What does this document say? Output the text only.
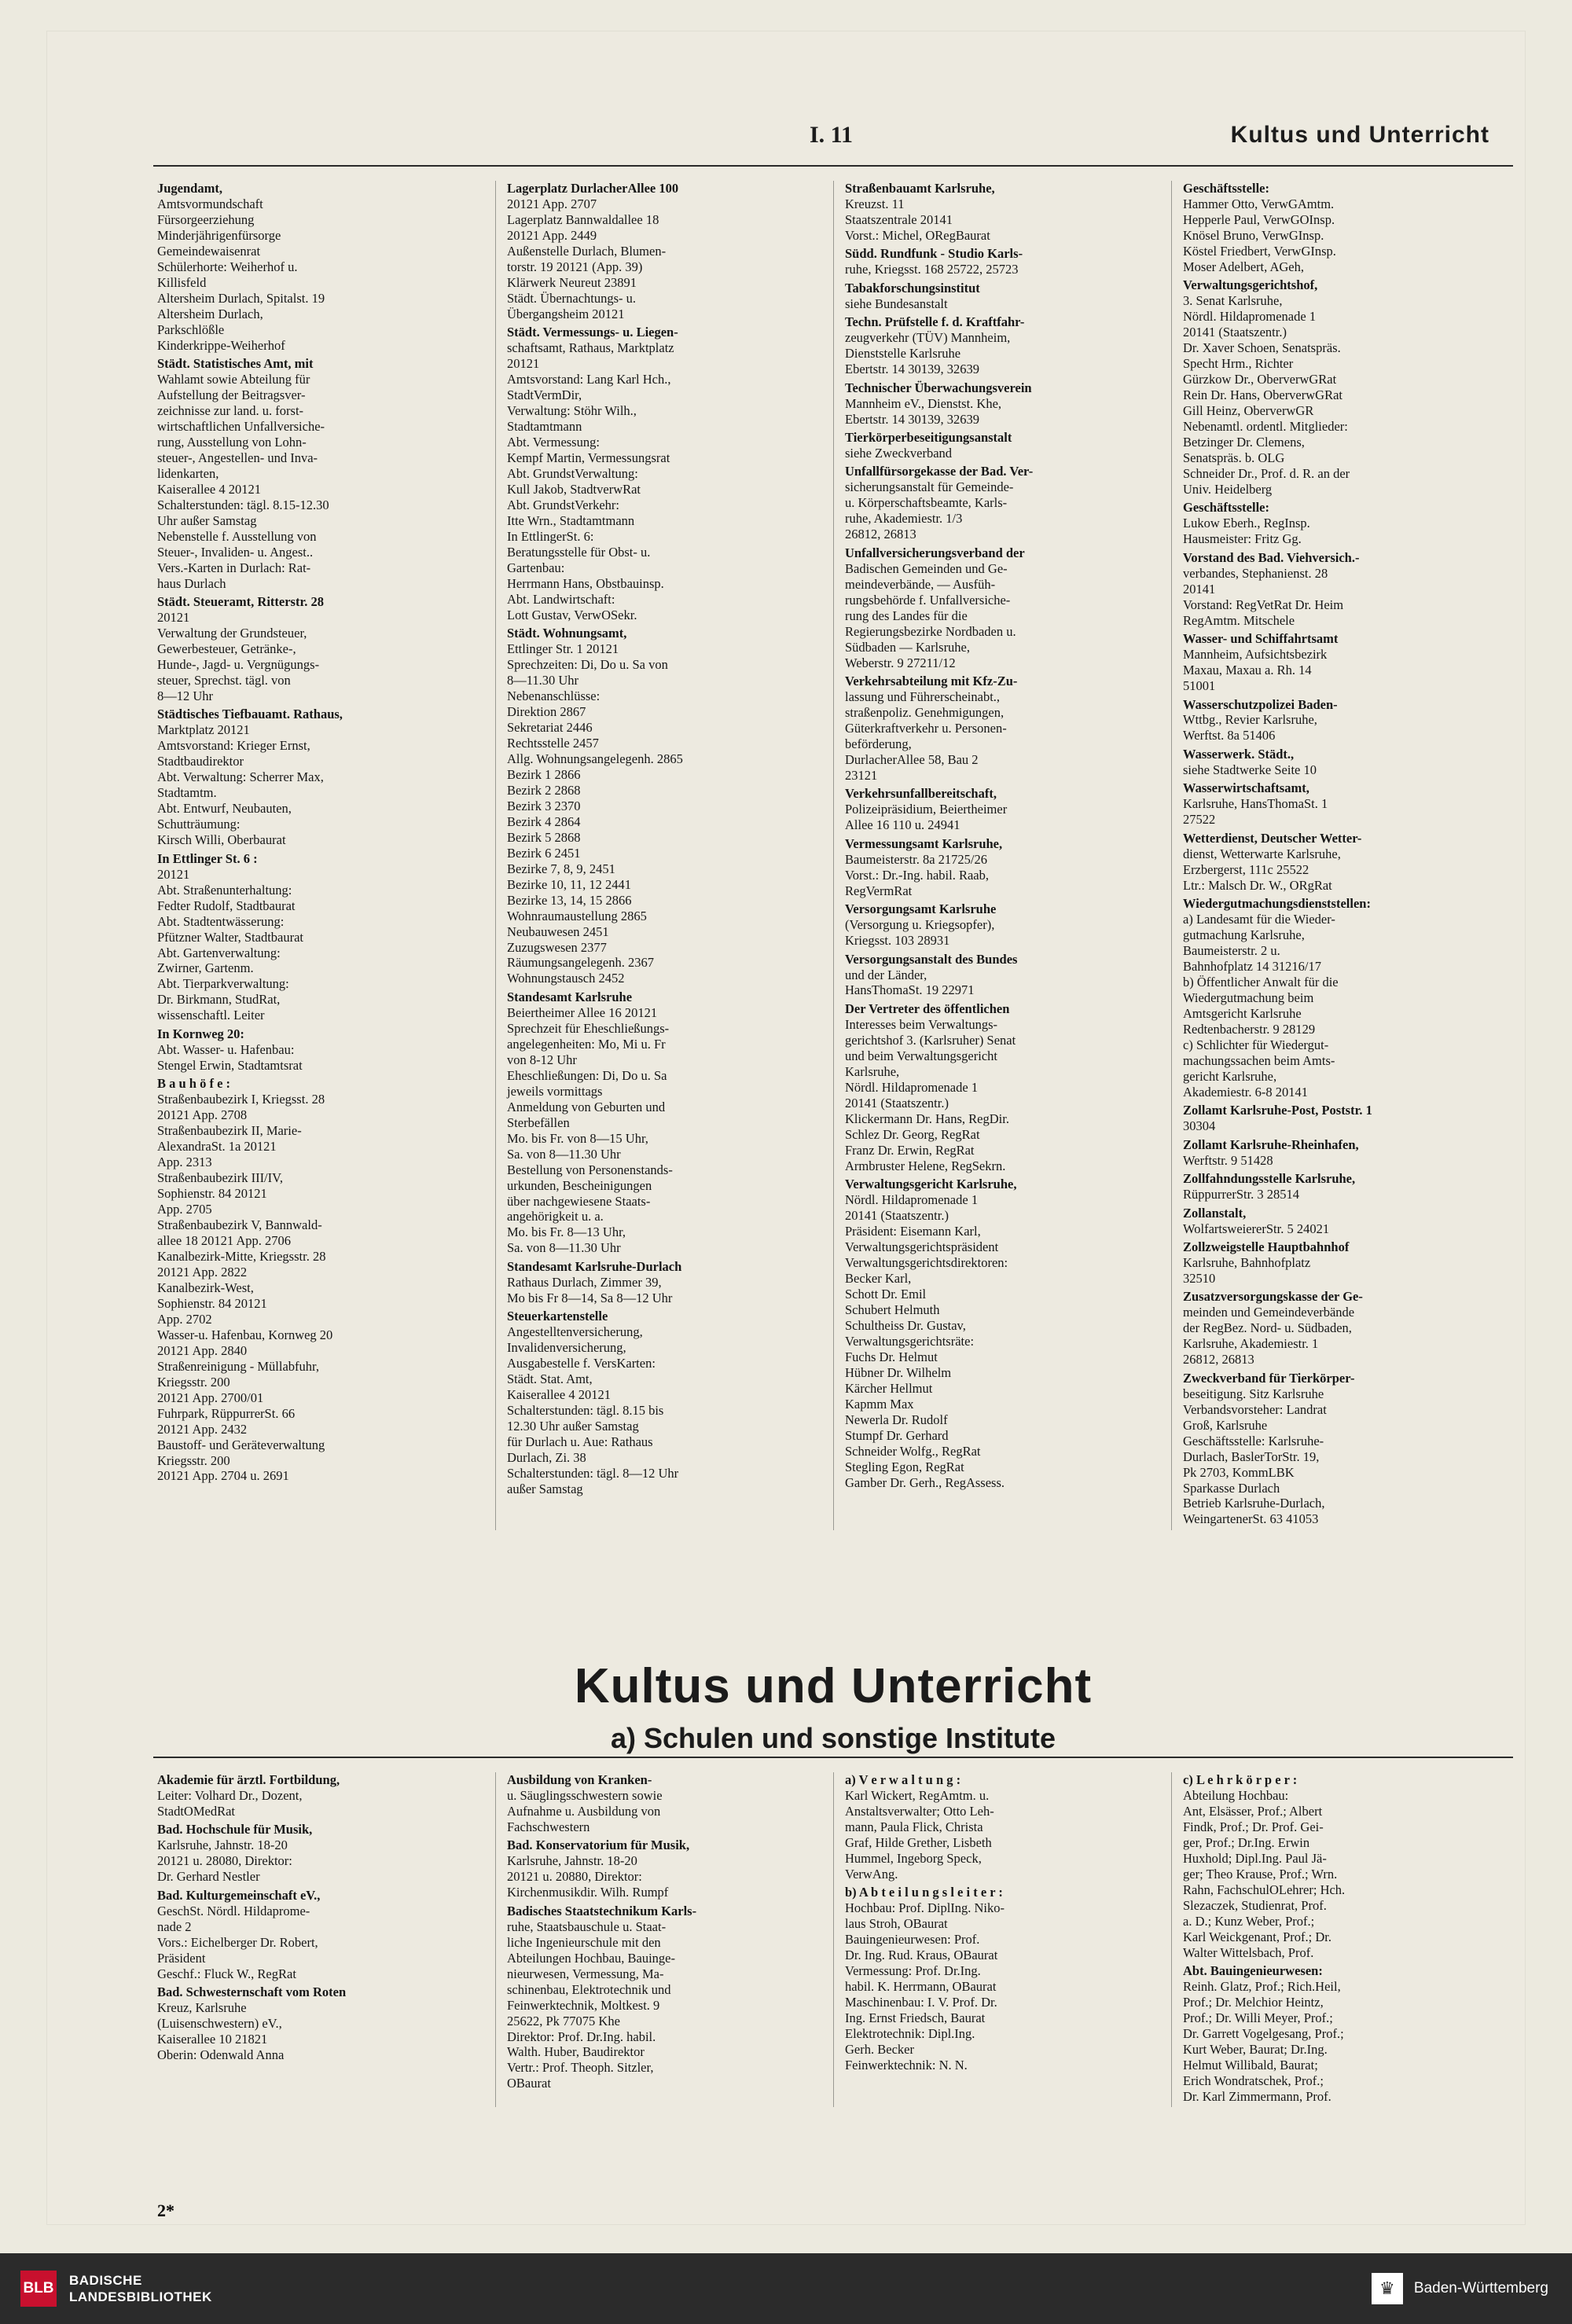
I. 11	Kultus und Unterricht

Jugendamt,

Amtsvormundschaft

Fürsorgeerziehung

Minderjährigenfürsorge

Gemeindewaisenrat

Schülerhorte: Weiherhof u.

Killisfeld

Altersheim Durlach, Spitalst. 19

Altersheim Durlach,

Parkschlößle

Kinderkrippe-Weiherhof

Städt. Statistisches Amt, mit

Wahlamt sowie Abteilung für

Aufstellung der Beitragsver-

zeichnisse zur land. u. forst-

wirtschaftlichen Unfallversiche-

rung, Ausstellung von Lohn-

steuer-, Angestellen- und Inva-

lidenkarten,

Kaiserallee 4 20121

Schalterstunden: tägl. 8.15-12.30

Uhr außer Samstag

Nebenstelle f. Ausstellung von

Steuer-, Invaliden- u. Angest..

Vers.-Karten in Durlach: Rat-

haus Durlach

Städt. Steueramt, Ritterstr. 28

20121

Verwaltung der Grundsteuer,

Gewerbesteuer, Getränke-,

Hunde-, Jagd- u. Vergnügungs-

steuer, Sprechst. tägl. von

8—12 Uhr

Städtisches Tiefbauamt. Rathaus,

Marktplatz 20121

Amtsvorstand: Krieger Ernst,

Stadtbaudirektor

Abt. Verwaltung: Scherrer Max,

Stadtamtm.

Abt. Entwurf, Neubauten,

Schutträumung:

Kirsch Willi, Oberbaurat

In Ettlinger St. 6 :

20121

Abt. Straßenunterhaltung:

Fedter Rudolf, Stadtbaurat

Abt. Stadtentwässerung:

Pfützner Walter, Stadtbaurat

Abt. Gartenverwaltung:

Zwirner, Gartenm.

Abt. Tierparkverwaltung:

Dr. Birkmann, StudRat,

wissenschaftl. Leiter

In Kornweg 20:

Abt. Wasser- u. Hafenbau:

Stengel Erwin, Stadtamtsrat

B a u h ö f e :

Straßenbaubezirk I, Kriegsst. 28

20121 App. 2708

Straßenbaubezirk II, Marie-

AlexandraSt. 1a 20121

App. 2313

Straßenbaubezirk III/IV,

Sophienstr. 84 20121

App. 2705

Straßenbaubezirk V, Bannwald-

allee 18 20121 App. 2706

Kanalbezirk-Mitte, Kriegsstr. 28

20121 App. 2822

Kanalbezirk-West,

Sophienstr. 84 20121

App. 2702

Wasser-u. Hafenbau, Kornweg 20

20121 App. 2840

Straßenreinigung - Müllabfuhr,

Kriegsstr. 200

20121 App. 2700/01

Fuhrpark, RüppurrerSt. 66

20121 App. 2432

Baustoff- und Geräteverwaltung

Kriegsstr. 200

20121 App. 2704 u. 2691

Lagerplatz DurlacherAllee 100

20121 App. 2707

Lagerplatz Bannwaldallee 18

20121 App. 2449

Außenstelle Durlach, Blumen-

torstr. 19 20121 (App. 39)

Klärwerk Neureut 23891

Städt. Übernachtungs- u.

Übergangsheim 20121

Städt. Vermessungs- u. Liegen-

schaftsamt, Rathaus, Marktplatz

20121

Amtsvorstand: Lang Karl Hch.,

StadtVermDir,

Verwaltung: Stöhr Wilh.,

Stadtamtmann

Abt. Vermessung:

Kempf Martin, Vermessungsrat

Abt. GrundstVerwaltung:

Kull Jakob, StadtverwRat

Abt. GrundstVerkehr:

Itte Wrn., Stadtamtmann

In EttlingerSt. 6:

Beratungsstelle für Obst- u.

Gartenbau:

Herrmann Hans, Obstbauinsp.

Abt. Landwirtschaft:

Lott Gustav, VerwOSekr.

Städt. Wohnungsamt,

Ettlinger Str. 1 20121

Sprechzeiten: Di, Do u. Sa von

8—11.30 Uhr

Nebenanschlüsse:

Direktion 2867

Sekretariat 2446

Rechtsstelle 2457

Allg. Wohnungsangelegenh. 2865

Bezirk 1 2866

Bezirk 2 2868

Bezirk 3 2370

Bezirk 4 2864

Bezirk 5 2868

Bezirk 6 2451

Bezirke 7, 8, 9, 2451

Bezirke 10, 11, 12 2441

Bezirke 13, 14, 15 2866

Wohnraumaustellung 2865

Neubauwesen 2451

Zuzugswesen 2377

Räumungsangelegenh. 2367

Wohnungstausch 2452

Standesamt Karlsruhe

Beiertheimer Allee 16 20121

Sprechzeit für Eheschließungs-

angelegenheiten: Mo, Mi u. Fr

von 8-12 Uhr

Eheschließungen: Di, Do u. Sa

jeweils vormittags

Anmeldung von Geburten und

Sterbefällen

Mo. bis Fr. von 8—15 Uhr,

Sa. von 8—11.30 Uhr

Bestellung von Personenstands-

urkunden, Bescheinigungen

über nachgewiesene Staats-

angehörigkeit u. a.

Mo. bis Fr. 8—13 Uhr,

Sa. von 8—11.30 Uhr

Standesamt Karlsruhe-Durlach

Rathaus Durlach, Zimmer 39,

Mo bis Fr 8—14, Sa 8—12 Uhr

Steuerkartenstelle

Angestelltenversicherung,

Invalidenversicherung,

Ausgabestelle f. VersKarten:

Städt. Stat. Amt,

Kaiserallee 4 20121

Schalterstunden: tägl. 8.15 bis

12.30 Uhr außer Samstag

für Durlach u. Aue: Rathaus

Durlach, Zi. 38

Schalterstunden: tägl. 8—12 Uhr

außer Samstag

Straßenbauamt Karlsruhe,

Kreuzst. 11

Staatszentrale 20141

Vorst.: Michel, ORegBaurat

Südd. Rundfunk - Studio Karls-

ruhe, Kriegsst. 168 25722, 25723

Tabakforschungsinstitut

siehe Bundesanstalt

Techn. Prüfstelle f. d. Kraftfahr-

zeugverkehr (TÜV) Mannheim,

Dienststelle Karlsruhe

Ebertstr. 14 30139, 32639

Technischer Überwachungsverein

Mannheim eV., Dienstst. Khe,

Ebertstr. 14 30139, 32639

Tierkörperbeseitigungsanstalt

siehe Zweckverband

Unfallfürsorgekasse der Bad. Ver-

sicherungsanstalt für Gemeinde-

u. Körperschaftsbeamte, Karls-

ruhe, Akademiestr. 1/3

26812, 26813

Unfallversicherungsverband der

Badischen Gemeinden und Ge-

meindeverbände, — Ausfüh-

rungsbehörde f. Unfallversiche-

rung des Landes für die

Regierungsbezirke Nordbaden u.

Südbaden — Karlsruhe,

Weberstr. 9 27211/12

Verkehrsabteilung mit Kfz-Zu-

lassung und Führerscheinabt.,

straßenpoliz. Genehmigungen,

Güterkraftverkehr u. Personen-

beförderung,

DurlacherAllee 58, Bau 2

23121

Verkehrsunfallbereitschaft,

Polizeipräsidium, Beiertheimer

Allee 16 110 u. 24941

Vermessungsamt Karlsruhe,

Baumeisterstr. 8a 21725/26

Vorst.: Dr.-Ing. habil. Raab,

RegVermRat

Versorgungsamt Karlsruhe

(Versorgung u. Kriegsopfer),

Kriegsst. 103 28931

Versorgungsanstalt des Bundes

und der Länder,

HansThomaSt. 19 22971

Der Vertreter des öffentlichen

Interesses beim Verwaltungs-

gerichtshof 3. (Karlsruher) Senat

und beim Verwaltungsgericht

Karlsruhe,

Nördl. Hildapromenade 1

20141 (Staatszentr.)

Klickermann Dr. Hans, RegDir.

Schlez Dr. Georg, RegRat

Franz Dr. Erwin, RegRat

Armbruster Helene, RegSekrn.

Verwaltungsgericht Karlsruhe,

Nördl. Hildapromenade 1

20141 (Staatszentr.)

Präsident: Eisemann Karl,

Verwaltungsgerichtspräsident

Verwaltungsgerichtsdirektoren:

Becker Karl,

Schott Dr. Emil

Schubert Helmuth

Schultheiss Dr. Gustav,

Verwaltungsgerichtsräte:

Fuchs Dr. Helmut

Hübner Dr. Wilhelm

Kärcher Hellmut

Kapmm Max

Newerla Dr. Rudolf

Stumpf Dr. Gerhard

Schneider Wolfg., RegRat

Stegling Egon, RegRat

Gamber Dr. Gerh., RegAssess.

Geschäftsstelle:

Hammer Otto, VerwGAmtm.

Hepperle Paul, VerwGOInsp.

Knösel Bruno, VerwGInsp.

Köstel Friedbert, VerwGInsp.

Moser Adelbert, AGeh,

Verwaltungsgerichtshof,

3. Senat Karlsruhe,

Nördl. Hildapromenade 1

20141 (Staatszentr.)

Dr. Xaver Schoen, Senatspräs.

Specht Hrm., Richter

Gürzkow Dr., OberverwGRat

Rein Dr. Hans, OberverwGRat

Gill Heinz, OberverwGR

Nebenamtl. ordentl. Mitglieder:

Betzinger Dr. Clemens,

Senatspräs. b. OLG

Schneider Dr., Prof. d. R. an der

Univ. Heidelberg

Geschäftsstelle:

Lukow Eberh., RegInsp.

Hausmeister: Fritz Gg.

Vorstand des Bad. Viehversich.-

verbandes, Stephanienst. 28

20141

Vorstand: RegVetRat Dr. Heim

RegAmtm. Mitschele

Wasser- und Schiffahrtsamt

Mannheim, Aufsichtsbezirk

Maxau, Maxau a. Rh. 14

51001

Wasserschutzpolizei Baden-

Wttbg., Revier Karlsruhe,

Werftst. 8a 51406

Wasserwerk. Städt.,

siehe Stadtwerke Seite 10

Wasserwirtschaftsamt,

Karlsruhe, HansThomaSt. 1

27522

Wetterdienst, Deutscher Wetter-

dienst, Wetterwarte Karlsruhe,

Erzbergerst, 111c 25522

Ltr.: Malsch Dr. W., ORgRat

Wiedergutmachungsdienststellen:

a) Landesamt für die Wieder-

gutmachung Karlsruhe,

Baumeisterstr. 2 u.

Bahnhofplatz 14 31216/17

b) Öffentlicher Anwalt für die

Wiedergutmachung beim

Amtsgericht Karlsruhe

Redtenbacherstr. 9 28129

c) Schlichter für Wiedergut-

machungssachen beim Amts-

gericht Karlsruhe,

Akademiestr. 6-8 20141

Zollamt Karlsruhe-Post, Poststr. 1

30304

Zollamt Karlsruhe-Rheinhafen,

Werftstr. 9 51428

Zollfahndungsstelle Karlsruhe,

RüppurrerStr. 3 28514

Zollanstalt,

WolfartsweiererStr. 5 24021

Zollzweigstelle Hauptbahnhof

Karlsruhe, Bahnhofplatz

32510

Zusatzversorgungskasse der Ge-

meinden und Gemeindeverbände

der RegBez. Nord- u. Südbaden,

Karlsruhe, Akademiestr. 1

26812, 26813

Zweckverband für Tierkörper-

beseitigung. Sitz Karlsruhe

Verbandsvorsteher: Landrat

Groß, Karlsruhe

Geschäftsstelle: Karlsruhe-

Durlach, BaslerTorStr. 19,

Pk 2703, KommLBK

Sparkasse Durlach

Betrieb Karlsruhe-Durlach,

WeingartenerSt. 63 41053

Kultus und Unterricht
a) Schulen und sonstige Institute

Akademie für ärztl. Fortbildung,

Leiter: Volhard Dr., Dozent,

StadtOMedRat

Bad. Hochschule für Musik,

Karlsruhe, Jahnstr. 18-20

20121 u. 28080, Direktor:

Dr. Gerhard Nestler

Bad. Kulturgemeinschaft eV.,

GeschSt. Nördl. Hildaprome-

nade 2

Vors.: Eichelberger Dr. Robert,

Präsident

Geschf.: Fluck W., RegRat

Bad. Schwesternschaft vom Roten

Kreuz, Karlsruhe

(Luisenschwestern) eV.,

Kaiserallee 10 21821

Oberin: Odenwald Anna

Ausbildung von Kranken-

u. Säuglingsschwestern sowie

Aufnahme u. Ausbildung von

Fachschwestern

Bad. Konservatorium für Musik,

Karlsruhe, Jahnstr. 18-20

20121 u. 20880, Direktor:

Kirchenmusikdir. Wilh. Rumpf

Badisches Staatstechnikum Karls-

ruhe, Staatsbauschule u. Staat-

liche Ingenieurschule mit den

Abteilungen Hochbau, Bauinge-

nieurwesen, Vermessung, Ma-

schinenbau, Elektrotechnik und

Feinwerktechnik, Moltkest. 9

25622, Pk 77075 Khe

Direktor: Prof. Dr.Ing. habil.

Walth. Huber, Baudirektor

Vertr.: Prof. Theoph. Sitzler,

OBaurat

a) V e r w a l t u n g :

Karl Wickert, RegAmtm. u.

Anstaltsverwalter; Otto Leh-

mann, Paula Flick, Christa

Graf, Hilde Grether, Lisbeth

Hummel, Ingeborg Speck,

VerwAng.

b) A b t e i l u n g s l e i t e r :

Hochbau: Prof. DiplIng. Niko-

laus Stroh, OBaurat

Bauingenieurwesen: Prof.

Dr. Ing. Rud. Kraus, OBaurat

Vermessung: Prof. Dr.Ing.

habil. K. Herrmann, OBaurat

Maschinenbau: I. V. Prof. Dr.

Ing. Ernst Friedsch, Baurat

Elektrotechnik: Dipl.Ing.

Gerh. Becker

Feinwerktechnik: N. N.

c) L e h r k ö r p e r :

Abteilung Hochbau:

Ant, Elsässer, Prof.; Albert

Findk, Prof.; Dr. Prof. Gei-

ger, Prof.; Dr.Ing. Erwin

Huxhold; Dipl.Ing. Paul Jä-

ger; Theo Krause, Prof.; Wrn.

Rahn, FachschulOLehrer; Hch.

Slezaczek, Studienrat, Prof.

a. D.; Kunz Weber, Prof.;

Karl Weickgenant, Prof.; Dr.

Walter Wittelsbach, Prof.

Abt. Bauingenieurwesen:

Reinh. Glatz, Prof.; Rich.Heil,

Prof.; Dr. Melchior Heintz,

Prof.; Dr. Willi Meyer, Prof.;

Dr. Garrett Vogelgesang, Prof.;

Kurt Weber, Baurat; Dr.Ing.

Helmut Willibald, Baurat;

Erich Wondratschek, Prof.;

Dr. Karl Zimmermann, Prof.

2*
BLB BADISCHE
LANDESBIBLIOTHEK	♛	Baden-Württemberg
